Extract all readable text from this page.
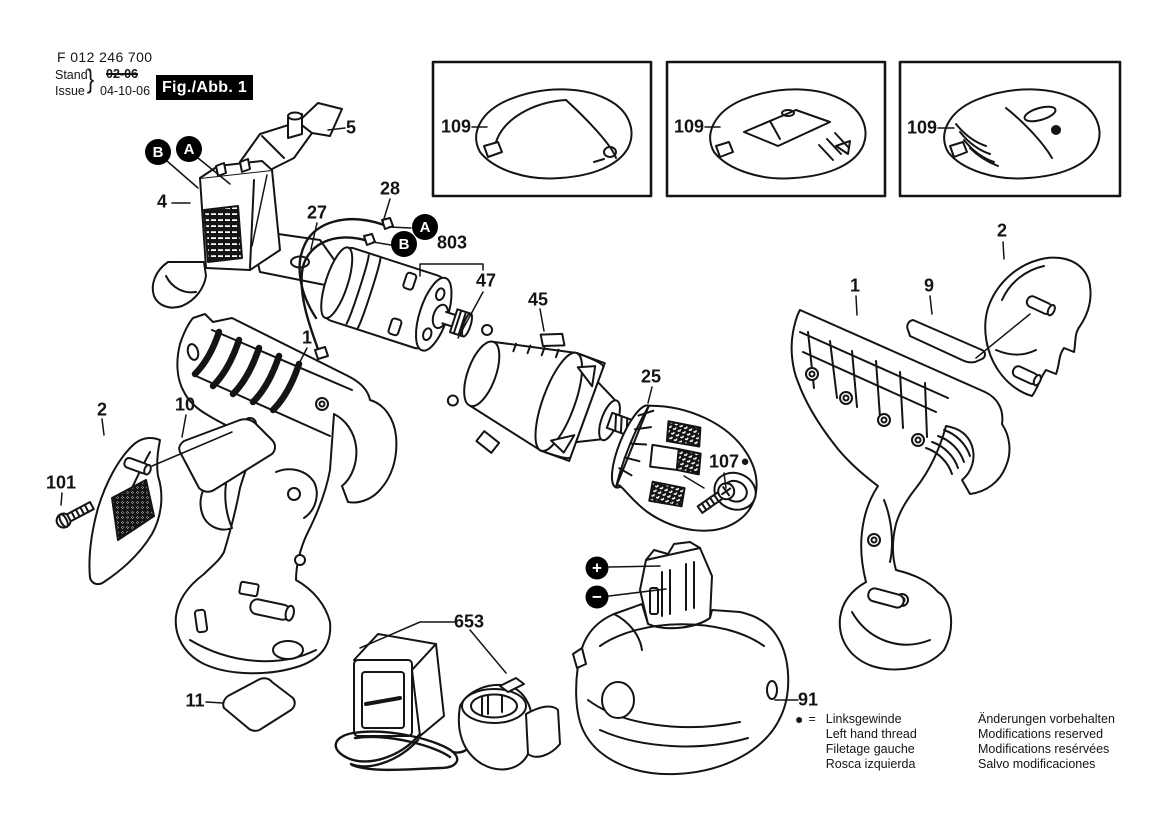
F 012 246 700
Stand
Issue } 02-06
04-10-06 Fig./Abb. 1
5
4
27
28
803
47
45
25
107
1
10
2
101
11
653
91
1	9
2
109	109	109
B	A
A
B
+
−
●
● = Linksgewinde
Left hand thread
Filetage gauche
Rosca izquierda
Änderungen vorbehalten
Modifications reserved
Modifications resérvées
Salvo modificaciones
